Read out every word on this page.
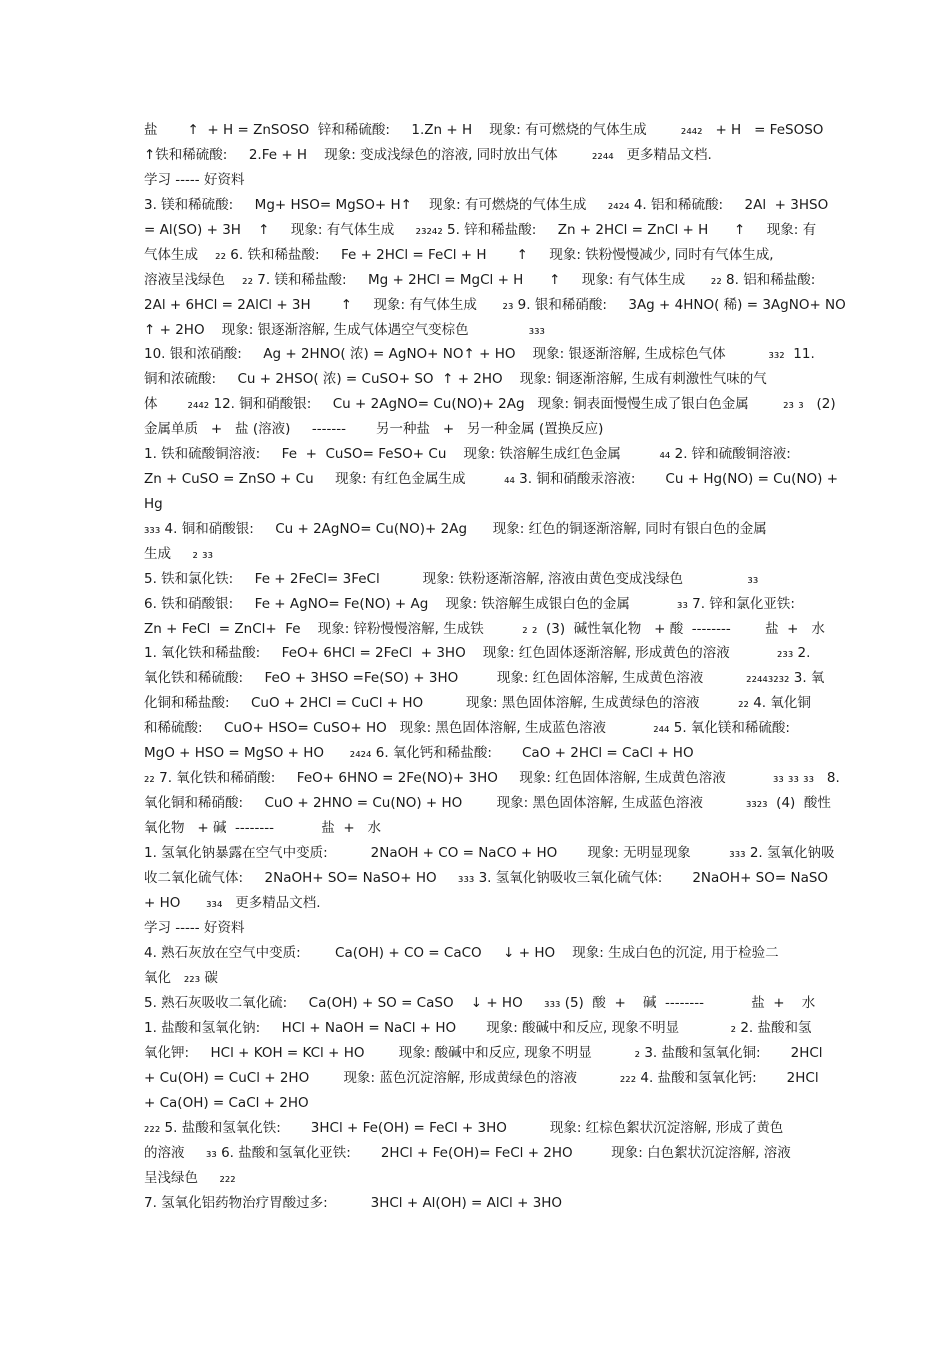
盐       ↑  + H = ZnSOSO  锌和稀硫酸:     1.Zn + H    现象: 有可燃烧的气体生成        ₂₄₄₂   + H   = FeSOSO
↑铁和稀硫酸:     2.Fe + H    现象: 变成浅绿色的溶液, 同时放出气体        ₂₂₄₄   更多精品文档.
学习 ----- 好资料
3. 镁和稀硫酸:     Mg+ HSO= MgSO+ H↑    现象: 有可燃烧的气体生成     ₂₄₂₄ 4. 铝和稀硫酸:     2Al  + 3HSO
= Al(SO) + 3H    ↑     现象: 有气体生成     ₂₃₂₄₂ 5. 锌和稀盐酸:     Zn + 2HCl = ZnCl + H      ↑     现象: 有
气体生成    ₂₂ 6. 铁和稀盐酸:     Fe + 2HCl = FeCl + H       ↑     现象: 铁粉慢慢减少, 同时有气体生成,
溶液呈浅绿色    ₂₂ 7. 镁和稀盐酸:     Mg + 2HCl = MgCl + H      ↑     现象: 有气体生成      ₂₂ 8. 铝和稀盐酸:
2Al + 6HCl = 2AlCl + 3H       ↑     现象: 有气体生成      ₂₃ 9. 银和稀硝酸:     3Ag + 4HNO( 稀) = 3AgNO+ NO
↑ + 2HO    现象: 银逐渐溶解, 生成气体遇空气变棕色              ₃₃₃
10. 银和浓硝酸:     Ag + 2HNO( 浓) = AgNO+ NO↑ + HO    现象: 银逐渐溶解, 生成棕色气体          ₃₃₂  11.
铜和浓硫酸:     Cu + 2HSO( 浓) = CuSO+ SO  ↑ + 2HO    现象: 铜逐渐溶解, 生成有刺激性气味的气
体       ₂₄₄₂ 12. 铜和硝酸银:     Cu + 2AgNO= Cu(NO)+ 2Ag   现象: 铜表面慢慢生成了银白色金属        ₂₃ ₃   (2)
金属单质   +   盐 (溶液)     -------       另一种盐   +   另一种金属 (置换反应)
1. 铁和硫酸铜溶液:     Fe  +  CuSO= FeSO+ Cu    现象: 铁溶解生成红色金属         ₄₄ 2. 锌和硫酸铜溶液:
Zn + CuSO = ZnSO + Cu     现象: 有红色金属生成         ₄₄ 3. 铜和硝酸汞溶液:       Cu + Hg(NO) = Cu(NO) +
Hg
₃₃₃ 4. 铜和硝酸银:     Cu + 2AgNO= Cu(NO)+ 2Ag      现象: 红色的铜逐渐溶解, 同时有银白色的金属
生成     ₂ ₃₃
5. 铁和氯化铁:     Fe + 2FeCl= 3FeCl          现象: 铁粉逐渐溶解, 溶液由黄色变成浅绿色               ₃₃
6. 铁和硝酸银:     Fe + AgNO= Fe(NO) + Ag    现象: 铁溶解生成银白色的金属           ₃₃ 7. 锌和氯化亚铁:
Zn + FeCl  = ZnCl+  Fe    现象: 锌粉慢慢溶解, 生成铁         ₂ ₂  (3)  碱性氧化物   + 酸  --------        盐  +   水
1. 氧化铁和稀盐酸:     FeO+ 6HCl = 2FeCl  + 3HO    现象: 红色固体逐渐溶解, 形成黄色的溶液           ₂₃₃ 2.
氧化铁和稀硫酸:     FeO + 3HSO =Fe(SO) + 3HO         现象: 红色固体溶解, 生成黄色溶液          ₂₂₄₄₃₂₃₂ 3. 氧
化铜和稀盐酸:     CuO + 2HCl = CuCl + HO          现象: 黑色固体溶解, 生成黄绿色的溶液         ₂₂ 4. 氧化铜
和稀硫酸:     CuO+ HSO= CuSO+ HO   现象: 黑色固体溶解, 生成蓝色溶液           ₂₄₄ 5. 氧化镁和稀硫酸:
MgO + HSO = MgSO + HO      ₂₄₂₄ 6. 氧化钙和稀盐酸:       CaO + 2HCl = CaCl + HO
₂₂ 7. 氧化铁和稀硝酸:     FeO+ 6HNO = 2Fe(NO)+ 3HO     现象: 红色固体溶解, 生成黄色溶液           ₃₃ ₃₃ ₃₃   8.
氧化铜和稀硝酸:     CuO + 2HNO = Cu(NO) + HO        现象: 黑色固体溶解, 生成蓝色溶液          ₃₃₂₃  (4)  酸性
氧化物   + 碱  --------           盐  +   水
1. 氢氧化钠暴露在空气中变质:          2NaOH + CO = NaCO + HO       现象: 无明显现象         ₃₃₃ 2. 氢氧化钠吸
收二氧化硫气体:     2NaOH+ SO= NaSO+ HO     ₃₃₃ 3. 氢氧化钠吸收三氧化硫气体:       2NaOH+ SO= NaSO
+ HO      ₃₃₄   更多精品文档.
学习 ----- 好资料
4. 熟石灰放在空气中变质:        Ca(OH) + CO = CaCO     ↓ + HO    现象: 生成白色的沉淀, 用于检验二
氧化   ₂₂₃ 碳
5. 熟石灰吸收二氧化硫:     Ca(OH) + SO = CaSO    ↓ + HO     ₃₃₃ (5)  酸  +    碱  --------           盐  +    水
1. 盐酸和氢氧化钠:     HCl + NaOH = NaCl + HO       现象: 酸碱中和反应, 现象不明显            ₂ 2. 盐酸和氢
氧化钾:     HCl + KOH = KCl + HO        现象: 酸碱中和反应, 现象不明显          ₂ 3. 盐酸和氢氧化铜:       2HCl
+ Cu(OH) = CuCl + 2HO        现象: 蓝色沉淀溶解, 形成黄绿色的溶液          ₂₂₂ 4. 盐酸和氢氧化钙:       2HCl
+ Ca(OH) = CaCl + 2HO
₂₂₂ 5. 盐酸和氢氧化铁:       3HCl + Fe(OH) = FeCl + 3HO          现象: 红棕色絮状沉淀溶解, 形成了黄色
的溶液     ₃₃ 6. 盐酸和氢氧化亚铁:       2HCl + Fe(OH)= FeCl + 2HO         现象: 白色絮状沉淀溶解, 溶液
呈浅绿色     ₂₂₂
7. 氢氧化铝药物治疗胃酸过多:          3HCl + Al(OH) = AlCl + 3HO
